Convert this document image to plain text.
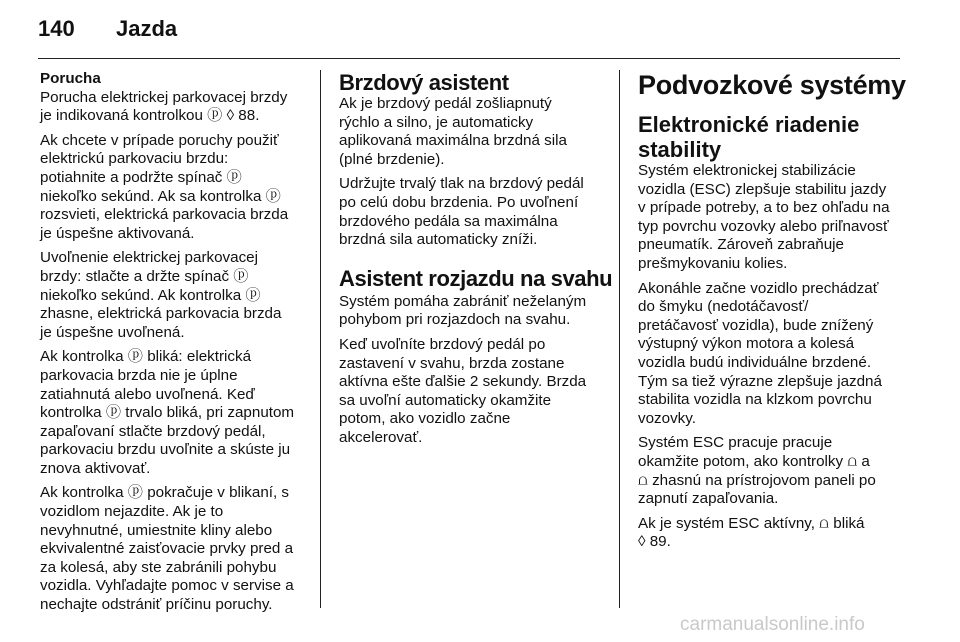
140 Jazda
Porucha

Porucha elektrickej parkovacej brzdy
je indikovaná kontrolkou ⓟ ◊ 88.

Ak chcete v prípade poruchy použiť
elektrickú parkovaciu brzdu:
potiahnite a podržte spínač ⓟ
niekoľko sekúnd. Ak sa kontrolka ⓟ
rozsvieti, elektrická parkovacia brzda
je úspešne aktivovaná.

Uvoľnenie elektrickej parkovacej
brzdy: stlačte a držte spínač ⓟ
niekoľko sekúnd. Ak kontrolka ⓟ
zhasne, elektrická parkovacia brzda
je úspešne uvoľnená.

Ak kontrolka ⓟ bliká: elektrická
parkovacia brzda nie je úplne
zatiahnutá alebo uvoľnená. Keď
kontrolka ⓟ trvalo bliká, pri zapnutom
zapaľovaní stlačte brzdový pedál,
parkovaciu brzdu uvoľnite a skúste ju
znova aktivovať.

Ak kontrolka ⓟ pokračuje v blikaní, s
vozidlom nejazdite. Ak je to
nevyhnutné, umiestnite kliny alebo
ekvivalentné zaisťovacie prvky pred a
za kolesá, aby ste zabránili pohybu
vozidla. Vyhľadajte pomoc v servise a
nechajte odstrániť príčinu poruchy.

Brzdový asistent

Ak je brzdový pedál zošliapnutý
rýchlo a silno, je automaticky
aplikovaná maximálna brzdná sila
(plné brzdenie).

Udržujte trvalý tlak na brzdový pedál
po celú dobu brzdenia. Po uvoľnení
brzdového pedála sa maximálna
brzdná sila automaticky zníži.

Asistent rozjazdu na svahu

Systém pomáha zabrániť neželaným
pohybom pri rozjazdoch na svahu.

Keď uvoľníte brzdový pedál po
zastavení v svahu, brzda zostane
aktívna ešte ďalšie 2 sekundy. Brzda
sa uvoľní automaticky okamžite
potom, ako vozidlo začne
akcelerovať.

Podvozkové systémy
Elektronické riadenie
stability

Systém elektronickej stabilizácie
vozidla (ESC) zlepšuje stabilitu jazdy
v prípade potreby, a to bez ohľadu na
typ povrchu vozovky alebo priľnavosť
pneumatík. Zároveň zabraňuje
prešmykovaniu kolies.

Akonáhle začne vozidlo prechádzať
do šmyku (nedotáčavosť/
pretáčavosť vozidla), bude znížený
výstupný výkon motora a kolesá
vozidla budú individuálne brzdené.
Tým sa tiež výrazne zlepšuje jazdná
stabilita vozidla na klzkom povrchu
vozovky.

Systém ESC pracuje pracuje
okamžite potom, ako kontrolky ⩍ a
⩍ zhasnú na prístrojovom paneli po
zapnutí zapaľovania.

Ak je systém ESC aktívny, ⩍ bliká
◊ 89.

carmanualsonline.info
